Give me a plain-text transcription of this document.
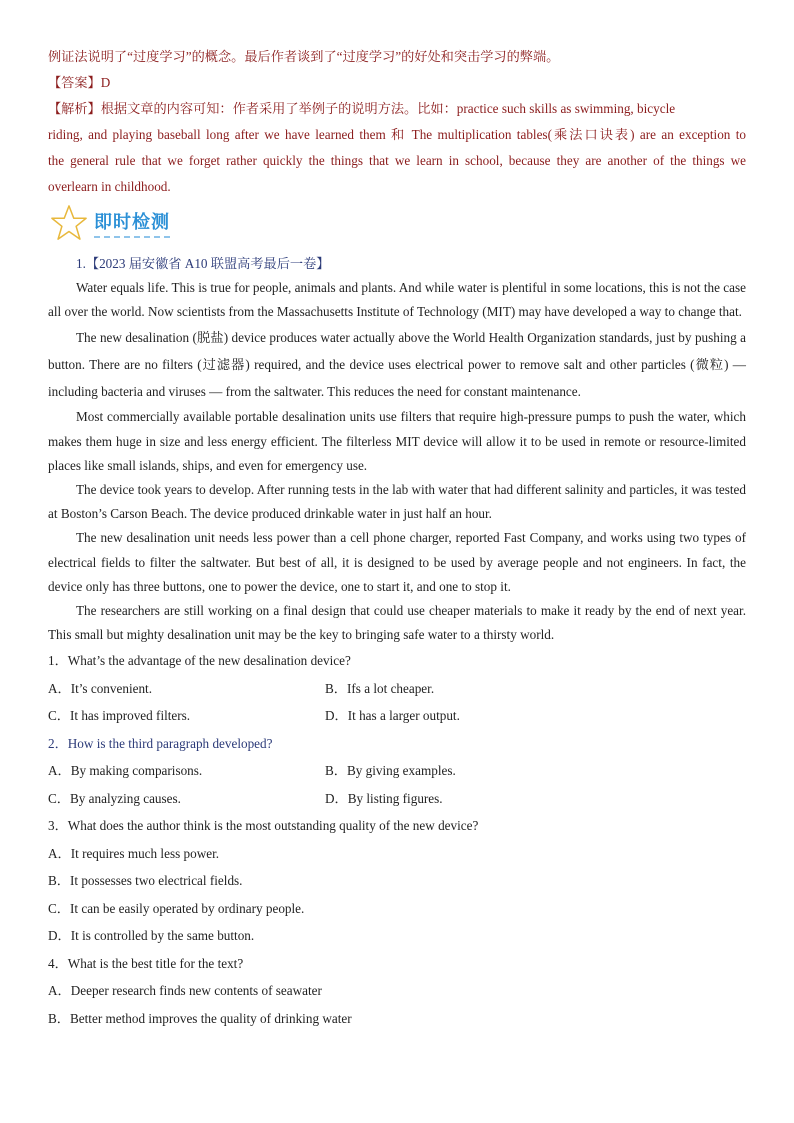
例证法说明了“过度学习”的概念。最后作者谈到了“过度学习”的好处和突击学习的弊端。
【答案】D
【解析】根据文章的内容可知：作者采用了举例子的说明方法。比如：practice such skills as swimming, bicycle
riding, and playing baseball long after we have learned them 和 The multiplication tables(乘法口诀表) are an exception to
the general rule that we forget rather quickly the things that we learn in school, because they are another of the things we
overlearn in childhood.
即时检测
1.【2023 届安徽省 A10 联盟高考最后一卷】

Water equals life. This is true for people, animals and plants. And while water is plentiful in some locations, this is not the case all over the world. Now scientists from the Massachusetts Institute of Technology (MIT) may have developed a way to change that.

The new desalination (脱盐) device produces water actually above the World Health Organization standards, just by pushing a button. There are no filters (过滤器) required, and the device uses electrical power to remove salt and other particles (微粒) — including bacteria and viruses — from the saltwater. This reduces the need for constant maintenance.

Most commercially available portable desalination units use filters that require high-pressure pumps to push the water, which makes them huge in size and less energy efficient. The filterless MIT device will allow it to be used in remote or resource-limited places like small islands, ships, and even for emergency use.

The device took years to develop. After running tests in the lab with water that had different salinity and particles, it was tested at Boston’s Carson Beach. The device produced drinkable water in just half an hour.

The new desalination unit needs less power than a cell phone charger, reported Fast Company, and works using two types of electrical fields to filter the saltwater. But best of all, it is designed to be used by average people and not engineers. In fact, the device only has three buttons, one to power the device, one to start it, and one to stop it.

The researchers are still working on a final design that could use cheaper materials to make it ready by the end of next year. This small but mighty desalination unit may be the key to bringing safe water to a thirsty world.

1．What’s the advantage of the new desalination device?
A．It’s convenient.	B．Ifs a lot cheaper.
C．It has improved filters.	D．It has a larger output.
2．How is the third paragraph developed?
A．By making comparisons.	B．By giving examples.
C．By analyzing causes.	D．By listing figures.
3．What does the author think is the most outstanding quality of the new device?
A．It requires much less power.
B．It possesses two electrical fields.
C．It can be easily operated by ordinary people.
D．It is controlled by the same button.
4．What is the best title for the text?
A．Deeper research finds new contents of seawater
B．Better method improves the quality of drinking water
